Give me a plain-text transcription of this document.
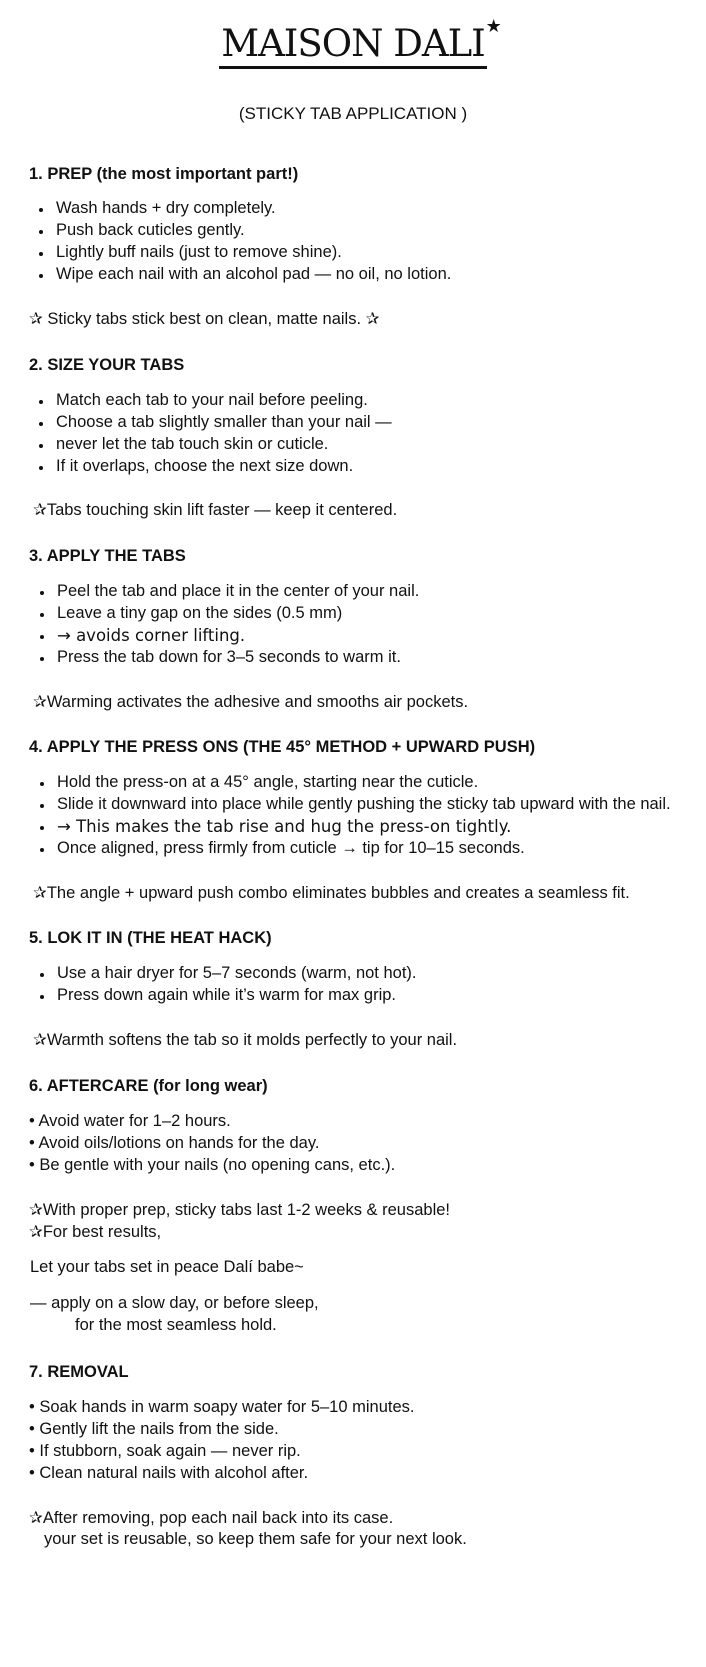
MAISON DALI ★
(STICKY TAB APPLICATION )
1. PREP (the most important part!)
Wash hands + dry completely.
Push back cuticles gently.
Lightly buff nails (just to remove shine).
Wipe each nail with an alcohol pad — no oil, no lotion.
✰ Sticky tabs stick best on clean, matte nails. ✰
2. SIZE YOUR TABS
Match each tab to your nail before peeling.
Choose a tab slightly smaller than your nail —
never let the tab touch skin or cuticle.
If it overlaps, choose the next size down.
✰Tabs touching skin lift faster — keep it centered.
3. APPLY THE TABS
Peel the tab and place it in the center of your nail.
Leave a tiny gap on the sides (0.5 mm)
→ avoids corner lifting.
Press the tab down for 3–5 seconds to warm it.
✰Warming activates the adhesive and smooths air pockets.
4. APPLY THE PRESS ONS (THE 45° METHOD + UPWARD PUSH)
Hold the press-on at a 45° angle, starting near the cuticle.
Slide it downward into place while gently pushing the sticky tab upward with the nail.
→ This makes the tab rise and hug the press-on tightly.
Once aligned, press firmly from cuticle → tip for 10–15 seconds.
✰The angle + upward push combo eliminates bubbles and creates a seamless fit.
5. LOK IT IN (THE HEAT HACK)
Use a hair dryer for 5–7 seconds (warm, not hot).
Press down again while it’s warm for max grip.
✰Warmth softens the tab so it molds perfectly to your nail.
6. AFTERCARE (for long wear)
• Avoid water for 1–2 hours.
• Avoid oils/lotions on hands for the day.
• Be gentle with your nails (no opening cans, etc.).
✰With proper prep, sticky tabs last 1-2 weeks & reusable!
✰For best results,
Let your tabs set in peace Dalí babe~
— apply on a slow day, or before sleep,
for the most seamless hold.
7. REMOVAL
• Soak hands in warm soapy water for 5–10 minutes.
• Gently lift the nails from the side.
• If stubborn, soak again — never rip.
• Clean natural nails with alcohol after.
✰After removing, pop each nail back into its case.
your set is reusable, so keep them safe for your next look.
